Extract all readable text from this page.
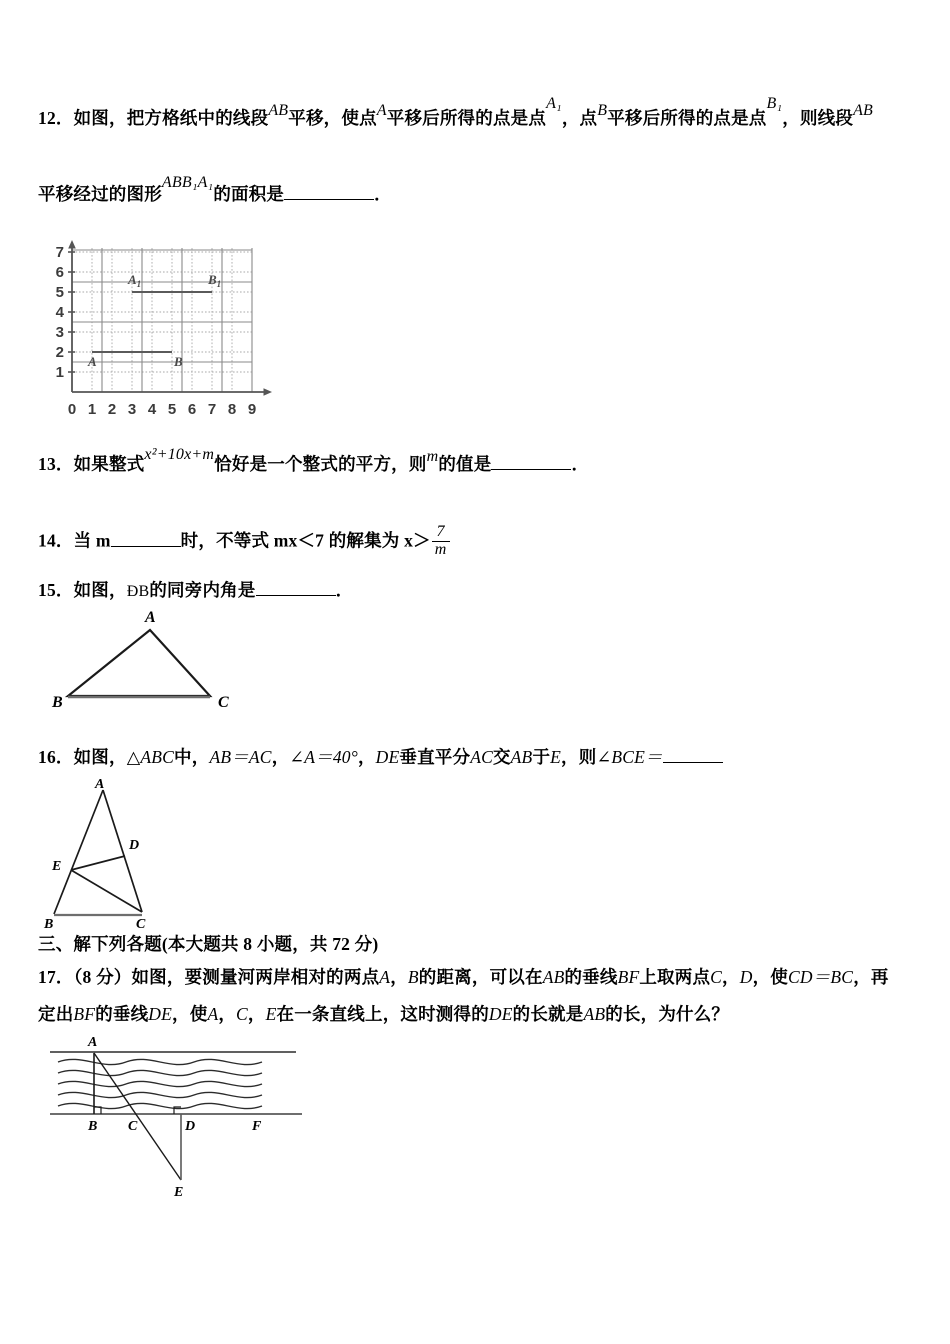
12．如图，把方格纸中的线段AB平移，使点A平移后所得的点是点A₁，点B平移后所得的点是点B₁，则线段AB
平移经过的图形ABB₁A₁的面积是	．
1
2
3
4
5
6
7
0 1 2 3 4 5 6 7 8 9
A	B
$A_1$	$B_1$
13．如果整式x²+10x+m恰好是一个整式的平方，则m的值是	．
14．当 m	时，不等式 mx＜7 的解集为 $x> \frac{7}{m}$
15．如图，ÐB的同旁内角是	．
A
B	C
16．如图，△ABC中，AB＝AC，∠A＝40°，DE垂直平分AC交AB于E，则∠BCE＝
A
D
E
B	C
三、解下列各题(本大题共 8 小题，共 72 分)
17．（8 分）如图，要测量河两岸相对的两点A，B的距离，可以在AB的垂线BF上取两点C，D，使CD＝BC，再
定出BF的垂线DE，使A，C，E在一条直线上，这时测得的DE的长就是AB的长，为什么？
A
B C	D	F
E
